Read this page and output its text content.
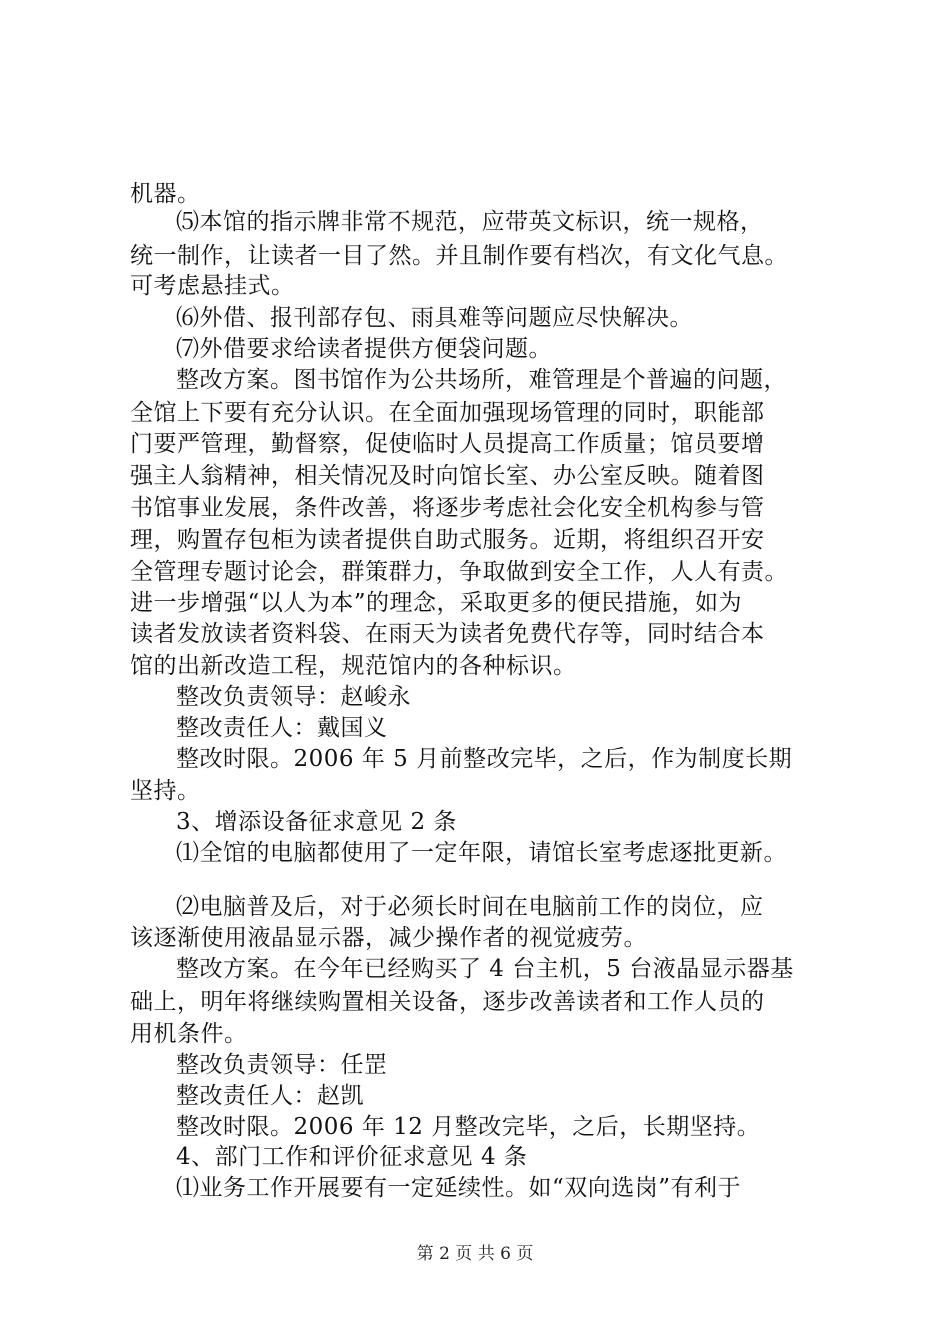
机器。
⑸本馆的指示牌非常不规范，应带英文标识，统一规格，
统一制作，让读者一目了然。并且制作要有档次，有文化气息。
可考虑悬挂式。
⑹外借、报刊部存包、雨具难等问题应尽快解决。
⑺外借要求给读者提供方便袋问题。
整改方案。图书馆作为公共场所，难管理是个普遍的问题，
全馆上下要有充分认识。在全面加强现场管理的同时，职能部
门要严管理，勤督察，促使临时人员提高工作质量；馆员要增
强主人翁精神，相关情况及时向馆长室、办公室反映。随着图
书馆事业发展，条件改善，将逐步考虑社会化安全机构参与管
理，购置存包柜为读者提供自助式服务。近期，将组织召开安
全管理专题讨论会，群策群力，争取做到安全工作，人人有责。
进一步增强“以人为本”的理念，采取更多的便民措施，如为
读者发放读者资料袋、在雨天为读者免费代存等，同时结合本
馆的出新改造工程，规范馆内的各种标识。
整改负责领导：赵峻永
整改责任人：戴国义
整改时限。2006 年 5 月前整改完毕，之后，作为制度长期
坚持。
3、增添设备征求意见 2 条
⑴全馆的电脑都使用了一定年限，请馆长室考虑逐批更新。
⑵电脑普及后，对于必须长时间在电脑前工作的岗位，应
该逐渐使用液晶显示器，减少操作者的视觉疲劳。
整改方案。在今年已经购买了 4 台主机，5 台液晶显示器基
础上，明年将继续购置相关设备，逐步改善读者和工作人员的
用机条件。
整改负责领导：任罡
整改责任人：赵凯
整改时限。2006 年 12 月整改完毕，之后，长期坚持。
4、部门工作和评价征求意见 4 条
⑴业务工作开展要有一定延续性。如“双向选岗”有利于
第 2 页 共 6 页
